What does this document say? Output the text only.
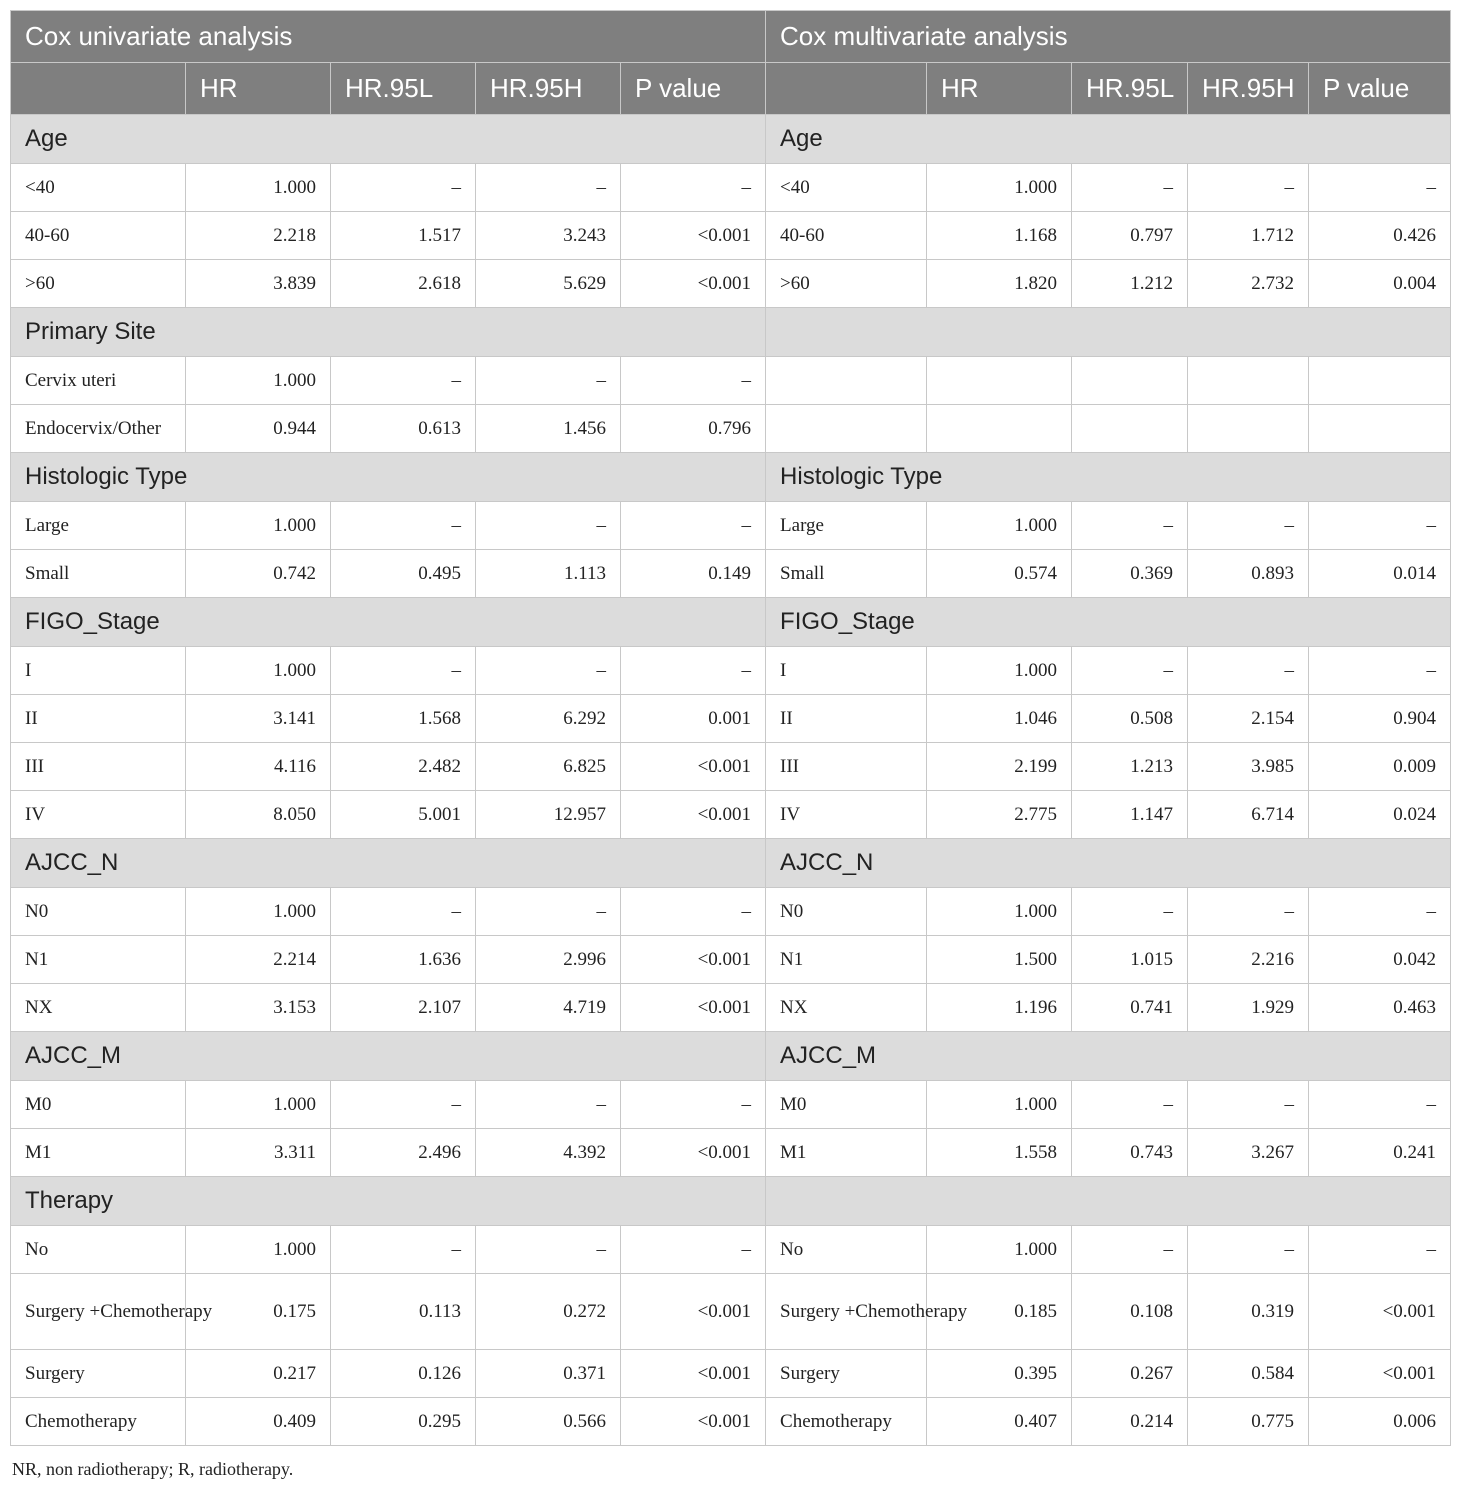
Cox univariate analysis					Cox multivariate analysis				
	HR	HR.95L	HR.95H	P value		HR	HR.95L	HR.95H	P value
Age					Age				
<40	1.000	–	–	–	<40	1.000	–	–	–
40-60	2.218	1.517	3.243	<0.001	40-60	1.168	0.797	1.712	0.426
>60	3.839	2.618	5.629	<0.001	>60	1.820	1.212	2.732	0.004
Primary Site									
Cervix uteri	1.000	–	–	–					
Endocervix/Other	0.944	0.613	1.456	0.796					
Histologic Type					Histologic Type				
Large	1.000	–	–	–	Large	1.000	–	–	–
Small	0.742	0.495	1.113	0.149	Small	0.574	0.369	0.893	0.014
FIGO_Stage					FIGO_Stage				
I	1.000	–	–	–	I	1.000	–	–	–
II	3.141	1.568	6.292	0.001	II	1.046	0.508	2.154	0.904
III	4.116	2.482	6.825	<0.001	III	2.199	1.213	3.985	0.009
IV	8.050	5.001	12.957	<0.001	IV	2.775	1.147	6.714	0.024
AJCC_N					AJCC_N				
N0	1.000	–	–	–	N0	1.000	–	–	–
N1	2.214	1.636	2.996	<0.001	N1	1.500	1.015	2.216	0.042
NX	3.153	2.107	4.719	<0.001	NX	1.196	0.741	1.929	0.463
AJCC_M					AJCC_M				
M0	1.000	–	–	–	M0	1.000	–	–	–
M1	3.311	2.496	4.392	<0.001	M1	1.558	0.743	3.267	0.241
Therapy									
No	1.000	–	–	–	No	1.000	–	–	–
Surgery +Chemotherapy	0.175	0.113	0.272	<0.001	Surgery +Chemotherapy	0.185	0.108	0.319	<0.001
Surgery	0.217	0.126	0.371	<0.001	Surgery	0.395	0.267	0.584	<0.001
Chemotherapy	0.409	0.295	0.566	<0.001	Chemotherapy	0.407	0.214	0.775	0.006
NR, non radiotherapy; R, radiotherapy.
